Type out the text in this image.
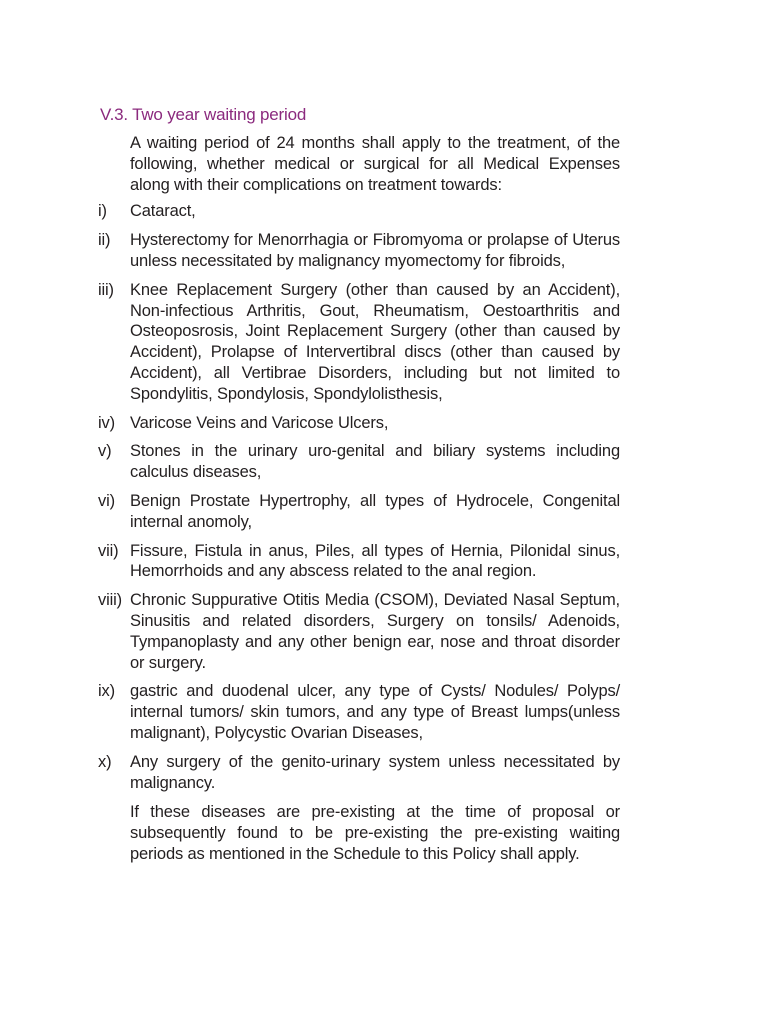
V.3. Two year waiting period

A waiting period of 24 months shall apply to the treatment, of the following, whether medical or surgical for all Medical Expenses along with their complications on treatment towards:

i)	Cataract,
ii)	Hysterectomy for Menorrhagia or Fibromyoma or prolapse of Uterus unless necessitated by malignancy myomectomy for fibroids,
iii) Knee Replacement Surgery (other than caused by an Accident), Non-infectious Arthritis, Gout, Rheumatism, Oestoarthritis and Osteoposrosis, Joint Replacement Surgery (other than caused by Accident), Prolapse of Intervertibral discs (other than caused by Accident), all Vertibrae Disorders, including but not limited to Spondylitis, Spondylosis, Spondylolisthesis,
iv) Varicose Veins and Varicose Ulcers,
v)	Stones in the urinary uro-genital and biliary systems including calculus diseases,
vi) Benign Prostate Hypertrophy, all types of Hydrocele, Congenital internal anomoly,
vii) Fissure, Fistula in anus, Piles, all types of Hernia, Pilonidal sinus, Hemorrhoids and any abscess related to the anal region.
viii) Chronic Suppurative Otitis Media (CSOM), Deviated Nasal Septum, Sinusitis and related disorders, Surgery on tonsils/ Adenoids, Tympanoplasty and any other benign ear, nose and throat disorder or surgery.
ix) gastric and duodenal ulcer, any type of Cysts/ Nodules/ Polyps/ internal tumors/ skin tumors, and any type of Breast lumps(unless malignant), Polycystic Ovarian Diseases,
x)	Any surgery of the genito-urinary system unless necessitated by malignancy.

If these diseases are pre-existing at the time of proposal or subsequently found to be pre-existing the pre-existing waiting periods as mentioned in the Schedule to this Policy shall apply.
